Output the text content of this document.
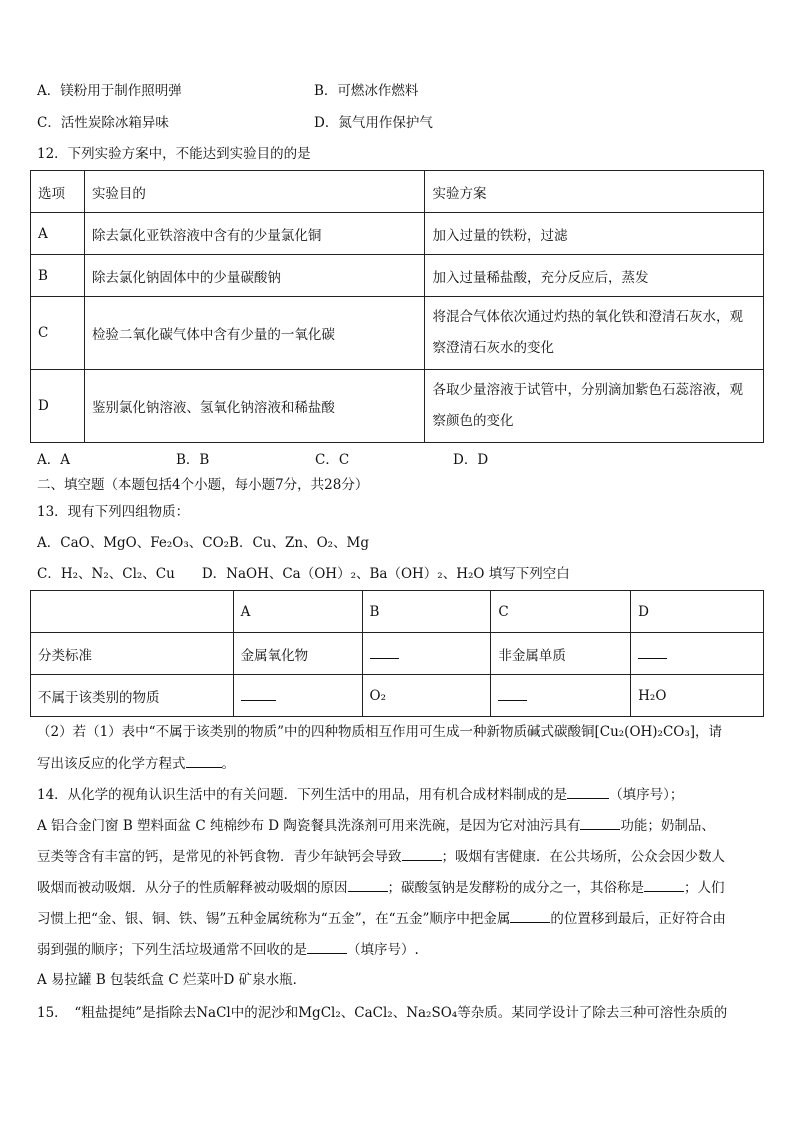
A．镁粉用于制作照明弹	B．可燃冰作燃料
C．活性炭除冰箱异味	D．氮气用作保护气
12．下列实验方案中，不能达到实验目的的是
选项	实验目的	实验方案
A	除去氯化亚铁溶液中含有的少量氯化铜	加入过量的铁粉，过滤
B	除去氯化钠固体中的少量碳酸钠	加入过量稀盐酸，充分反应后，蒸发
C	检验二氧化碳气体中含有少量的一氧化碳	将混合气体依次通过灼热的氧化铁和澄清石灰水，观察澄清石灰水的变化
D	鉴别氯化钠溶液、氢氧化钠溶液和稀盐酸	各取少量溶液于试管中，分别滴加紫色石蕊溶液，观察颜色的变化
A．A	B．B	C．C	D．D
二、填空题（本题包括4个小题，每小题7分，共28分）
13．现有下列四组物质：
A．CaO、MgO、Fe₂O₃、CO₂B．Cu、Zn、O₂、Mg
C．H₂、N₂、Cl₂、Cu　　D．NaOH、Ca（OH）₂、Ba（OH）₂、H₂O 填写下列空白
	A	B	C	D
分类标准	金属氧化物		非金属单质	
不属于该类别的物质		O₂		H₂O
（2）若（1）表中“不属于该类别的物质”中的四种物质相互作用可生成一种新物质碱式碳酸铜[Cu₂(OH)₂CO₃]，请
写出该反应的化学方程式	。
14．从化学的视角认识生活中的有关问题．下列生活中的用品，用有机合成材料制成的是	（填序号）；
A 铝合金门窗 B 塑料面盆 C 纯棉纱布 D 陶瓷餐具洗涤剂可用来洗碗，是因为它对油污具有	功能；奶制品、
豆类等含有丰富的钙，是常见的补钙食物．青少年缺钙会导致	；吸烟有害健康．在公共场所，公众会因少数人
吸烟而被动吸烟．从分子的性质解释被动吸烟的原因	；碳酸氢钠是发酵粉的成分之一，其俗称是	；人们
习惯上把“金、银、铜、铁、锡”五种金属统称为“五金”，在“五金”顺序中把金属	的位置移到最后，正好符合由
弱到强的顺序；下列生活垃圾通常不回收的是	（填序号）.
A 易拉罐 B 包装纸盒 C 烂菜叶D 矿泉水瓶．
15．　“粗盐提纯”是指除去NaCl中的泥沙和MgCl₂、CaCl₂、Na₂SO₄等杂质。某同学设计了除去三种可溶性杂质的
